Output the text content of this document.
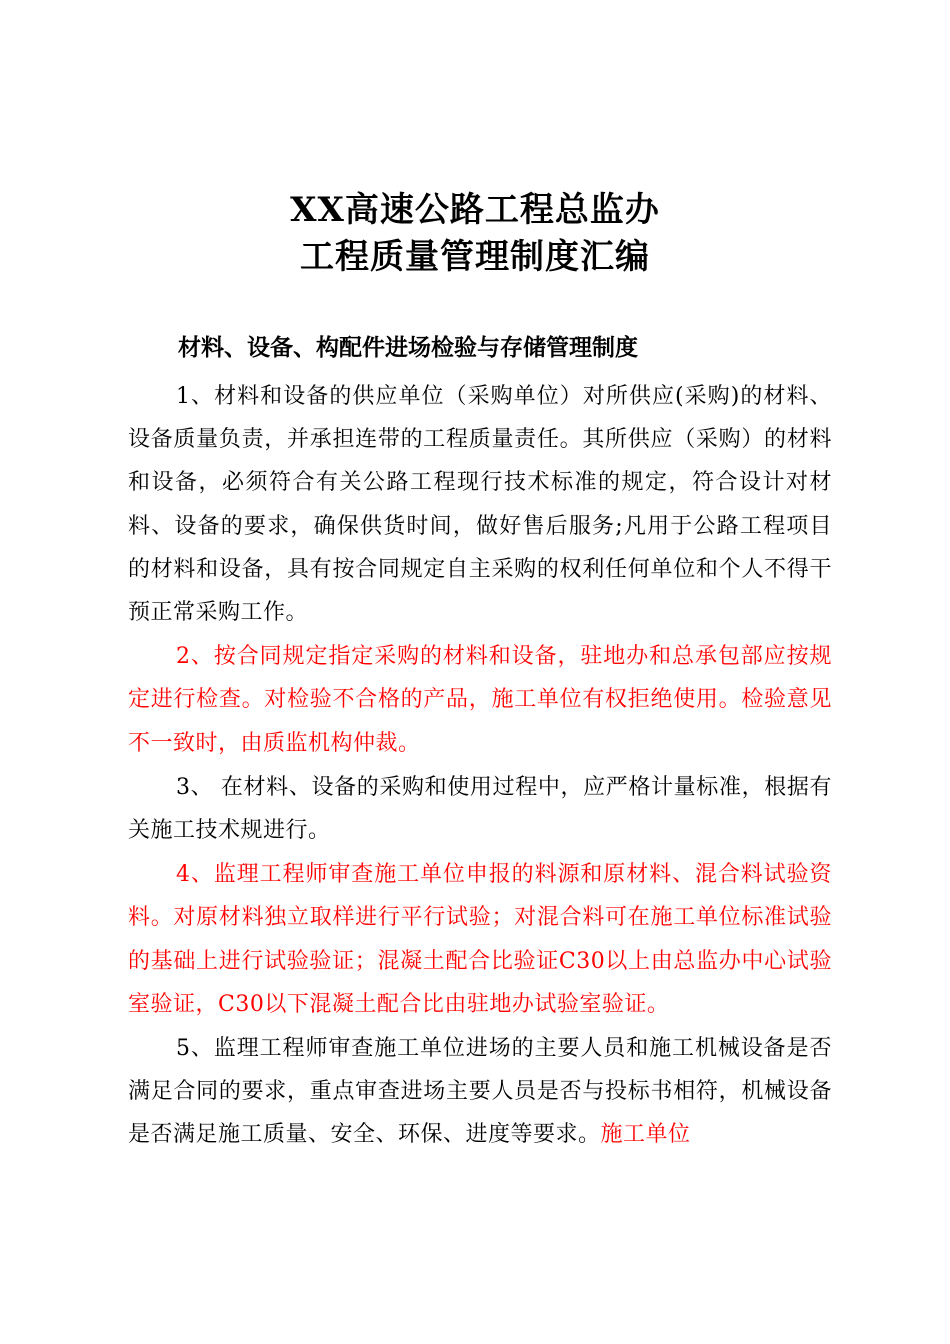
XX高速公路工程总监办
工程质量管理制度汇编
材料、设备、构配件进场检验与存储管理制度

1、材料和设备的供应单位（采购单位）对所供应(采购)的材料、设备质量负责，并承担连带的工程质量责任。其所供应（采购）的材料和设备，必须符合有关公路工程现行技术标准的规定，符合设计对材料、设备的要求，确保供货时间，做好售后服务;凡用于公路工程项目的材料和设备，具有按合同规定自主采购的权利任何单位和个人不得干预正常采购工作。

2、按合同规定指定采购的材料和设备，驻地办和总承包部应按规定进行检查。对检验不合格的产品，施工单位有权拒绝使用。检验意见不一致时，由质监机构仲裁。

3、 在材料、设备的采购和使用过程中，应严格计量标准，根据有关施工技术规进行。

4、监理工程师审查施工单位申报的料源和原材料、混合料试验资料。对原材料独立取样进行平行试验；对混合料可在施工单位标准试验的基础上进行试验验证；混凝土配合比验证C30以上由总监办中心试验室验证，C30以下混凝土配合比由驻地办试验室验证。

5、监理工程师审查施工单位进场的主要人员和施工机械设备是否满足合同的要求，重点审查进场主要人员是否与投标书相符，机械设备是否满足施工质量、安全、环保、进度等要求。施工单位
